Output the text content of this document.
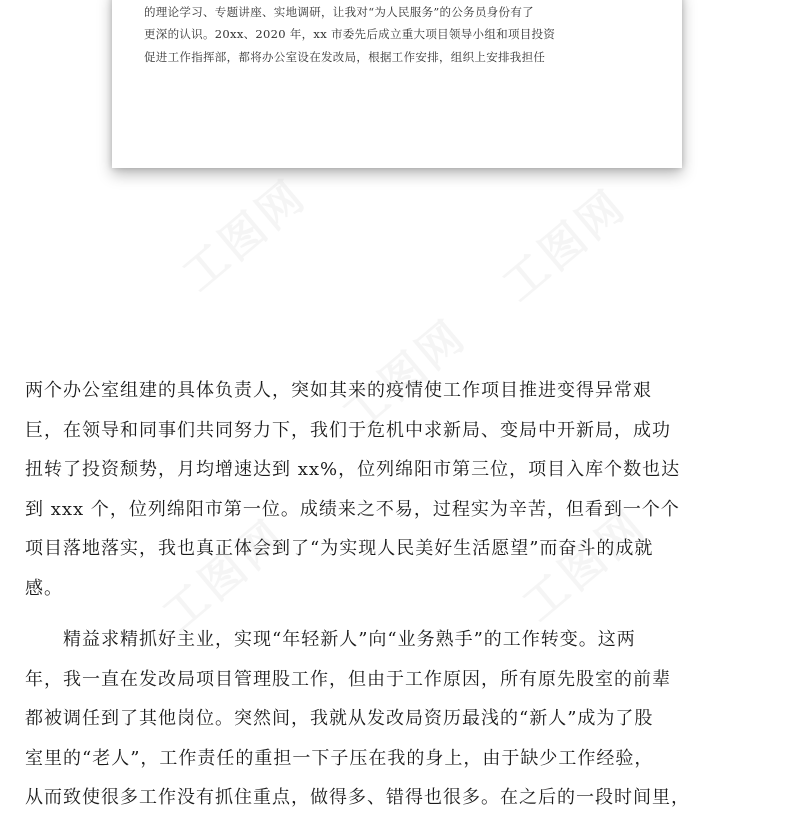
的理论学习、专题讲座、实地调研，让我对“为人民服务”的公务员身份有了
更深的认识。20xx、2020 年，xx 市委先后成立重大项目领导小组和项目投资
促进工作指挥部，都将办公室设在发改局，根据工作安排，组织上安排我担任
工图网	工图网
工图网
工图网	工图网
两个办公室组建的具体负责人，突如其来的疫情使工作项目推进变得异常艰
巨，在领导和同事们共同努力下，我们于危机中求新局、变局中开新局，成功
扭转了投资颓势，月均增速达到 xx%，位列绵阳市第三位，项目入库个数也达
到 xxx 个，位列绵阳市第一位。成绩来之不易，过程实为辛苦，但看到一个个
项目落地落实，我也真正体会到了“为实现人民美好生活愿望”而奋斗的成就
感。
精益求精抓好主业，实现“年轻新人”向“业务熟手”的工作转变。这两
年，我一直在发改局项目管理股工作，但由于工作原因，所有原先股室的前辈
都被调任到了其他岗位。突然间，我就从发改局资历最浅的“新人”成为了股
室里的“老人”，工作责任的重担一下子压在我的身上，由于缺少工作经验，
从而致使很多工作没有抓住重点，做得多、错得也很多。在之后的一段时间里，
